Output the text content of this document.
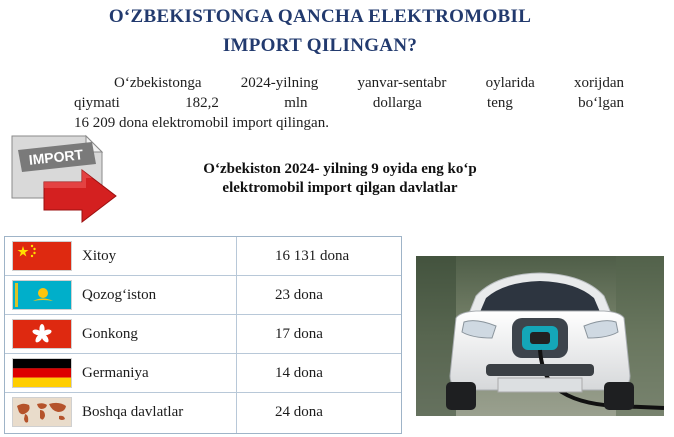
OʻZBEKISTONGA QANCHA ELEKTROMOBIL
IMPORT QILINGAN?
Oʻzbekistonga 2024-yilning yanvar-sentabr oylarida xorijdan
qiymati 182,2 mln dollarga teng boʻlgan
16 209 dona elektromobil import qilingan.
IMPORT
Oʻzbekiston 2024- yilning 9 oyida eng koʻp
elektromobil import qilgan davlatlar
Xitoy	16 131 dona
Qozogʻiston	23 dona
Gonkong	17 dona
Germaniya	14 dona
Boshqa davlatlar	24 dona
